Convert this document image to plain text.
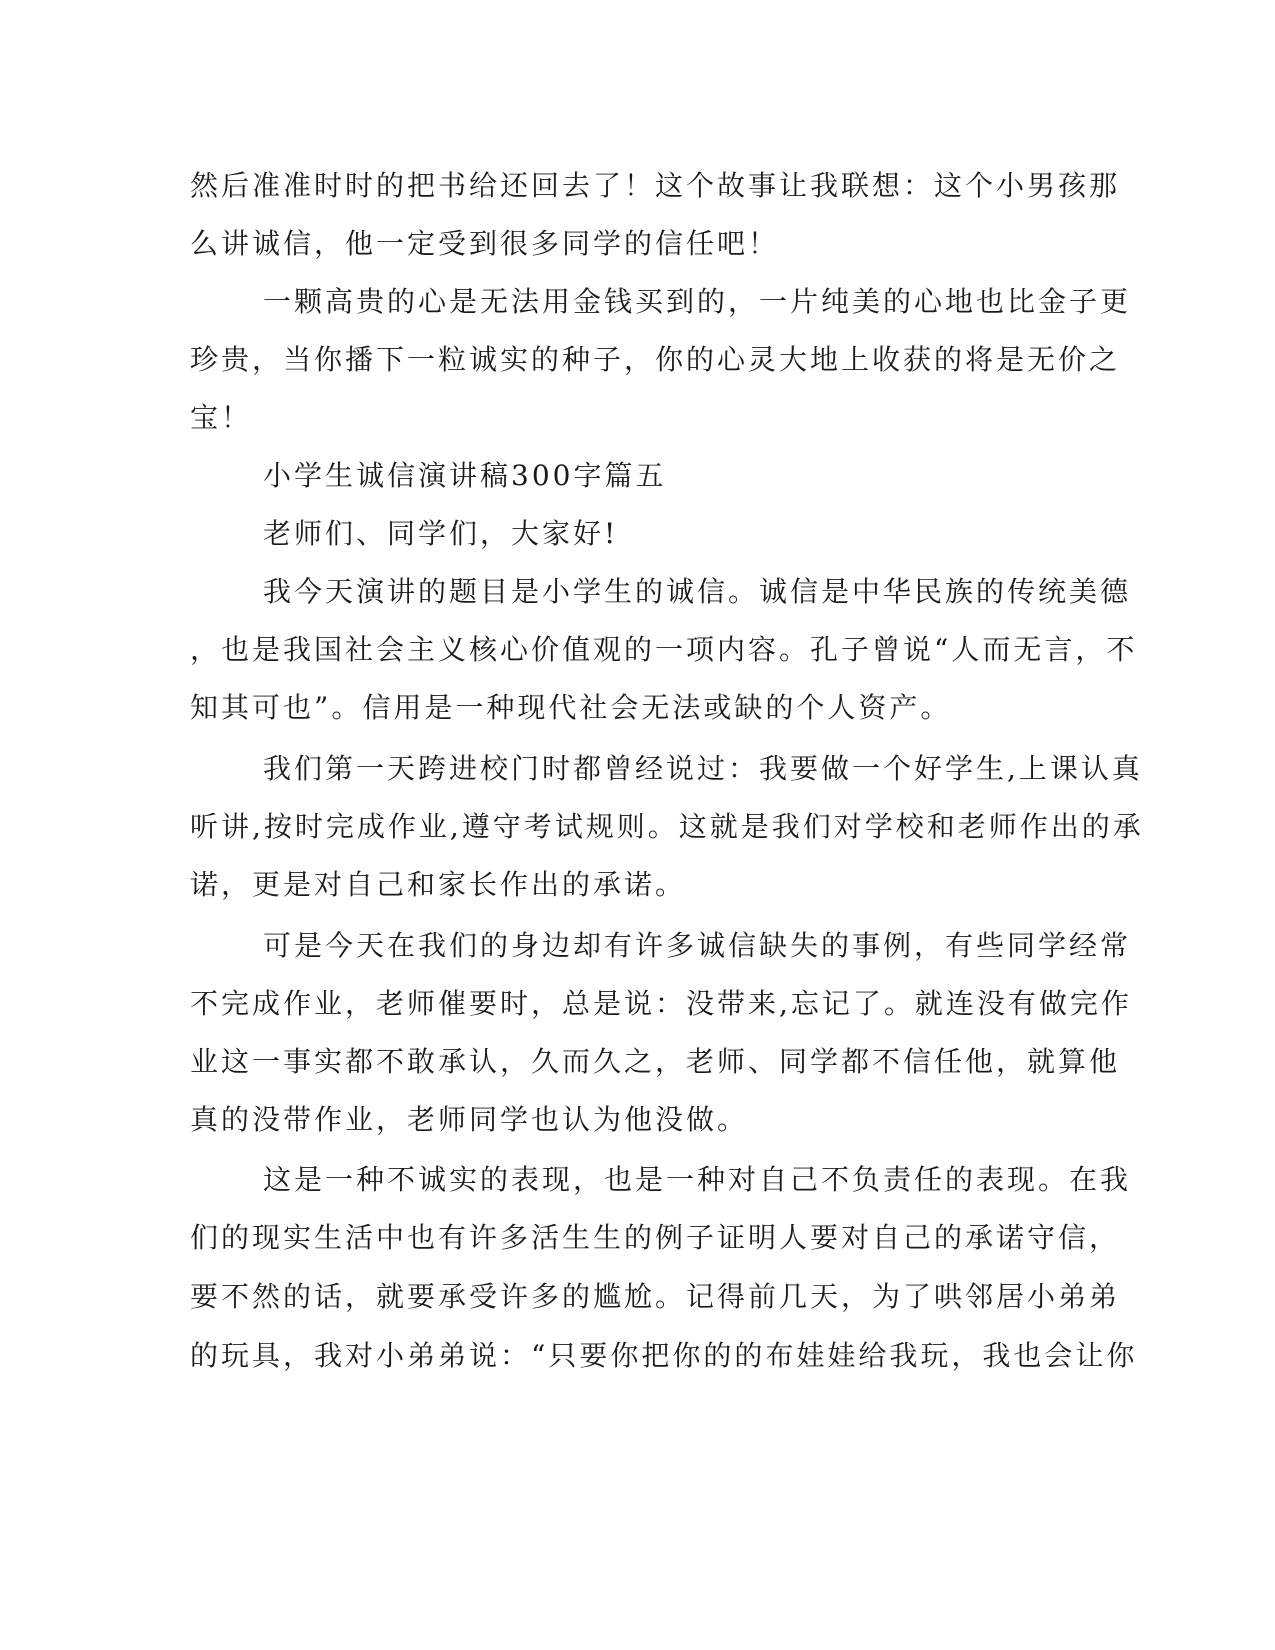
然后准准时时的把书给还回去了！这个故事让我联想：这个小男孩那
么讲诚信，他一定受到很多同学的信任吧！
一颗高贵的心是无法用金钱买到的，一片纯美的心地也比金子更
珍贵，当你播下一粒诚实的种子，你的心灵大地上收获的将是无价之
宝！
小学生诚信演讲稿300字篇五
老师们、同学们，大家好!
我今天演讲的题目是小学生的诚信。诚信是中华民族的传统美德
，也是我国社会主义核心价值观的一项内容。孔子曾说“人而无言，不
知其可也”。信用是一种现代社会无法或缺的个人资产。
我们第一天跨进校门时都曾经说过：我要做一个好学生,上课认真
听讲,按时完成作业,遵守考试规则。这就是我们对学校和老师作出的承
诺，更是对自己和家长作出的承诺。
可是今天在我们的身边却有许多诚信缺失的事例，有些同学经常
不完成作业，老师催要时，总是说：没带来,忘记了。就连没有做完作
业这一事实都不敢承认，久而久之，老师、同学都不信任他，就算他
真的没带作业，老师同学也认为他没做。
这是一种不诚实的表现，也是一种对自己不负责任的表现。在我
们的现实生活中也有许多活生生的例子证明人要对自己的承诺守信，
要不然的话，就要承受许多的尴尬。记得前几天，为了哄邻居小弟弟
的玩具，我对小弟弟说：“只要你把你的的布娃娃给我玩，我也会让你
